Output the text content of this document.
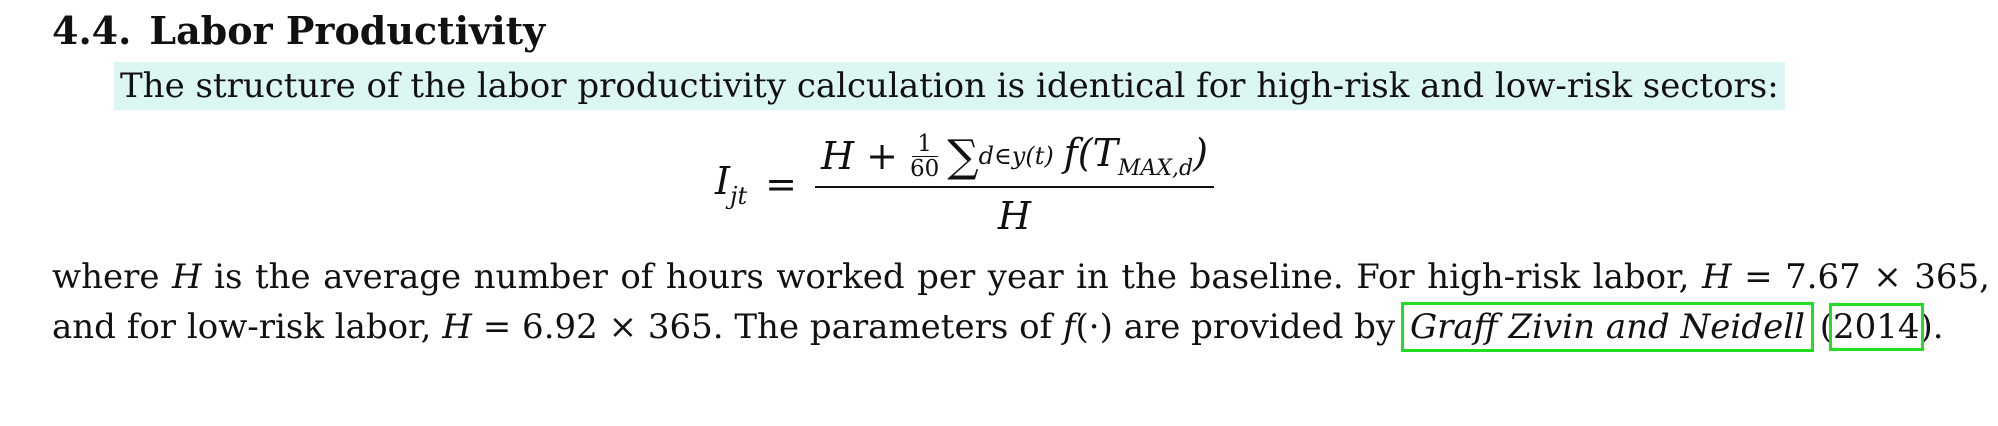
4.4. Labor Productivity
The structure of the labor productivity calculation is identical for high-risk and low-risk sectors:
$I_{jt}$ =
$H + \frac{1}{60}$ ∑ d∈y(t) $f(T_{MAX,d})$
H
where H is the average number of hours worked per year in the baseline. For high-risk labor, H = 7.67 × 365, and for low-risk labor, H = 6.92 × 365. The parameters of f(·) are provided by Graff Zivin and Neidell (2014).
